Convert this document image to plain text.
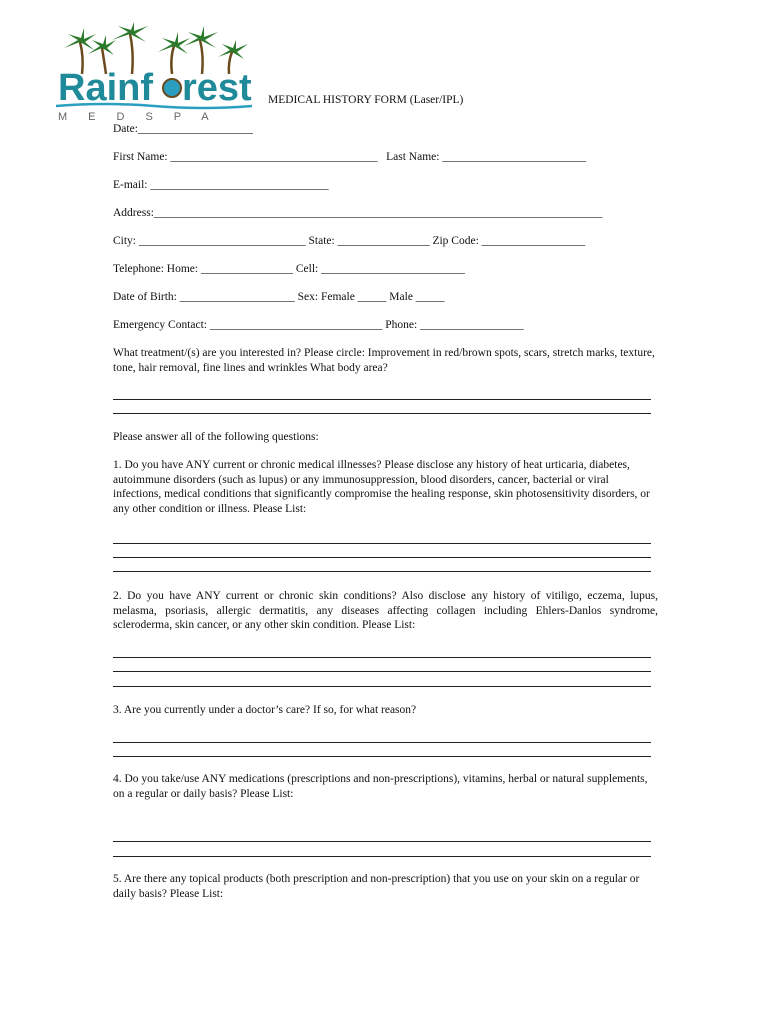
Rainf rest
MEDSPA
MEDICAL HISTORY FORM (Laser/IPL)
Date:____________________
First Name: ____________________________________   Last Name: _________________________
E-mail: _______________________________
Address:______________________________________________________________________________
City: _____________________________ State: ________________ Zip Code: __________________
Telephone: Home: ________________ Cell: _________________________
Date of Birth: ____________________ Sex: Female _____ Male _____
Emergency Contact: ______________________________ Phone: __________________
What treatment/(s) are you interested in? Please circle: Improvement in red/brown spots, scars, stretch marks, texture, tone, hair removal, fine lines and wrinkles What body area?
Please answer all of the following questions:
1. Do you have ANY current or chronic medical illnesses? Please disclose any history of heat urticaria, diabetes, autoimmune disorders (such as lupus) or any immunosuppression, blood disorders, cancer, bacterial or viral infections, medical conditions that significantly compromise the healing response, skin photosensitivity disorders, or any other condition or illness. Please List:
2. Do you have ANY current or chronic skin conditions? Also disclose any history of vitiligo, eczema, lupus, melasma, psoriasis, allergic dermatitis, any diseases affecting collagen including Ehlers-Danlos syndrome, scleroderma, skin cancer, or any other skin condition. Please List:
3. Are you currently under a doctor’s care? If so, for what reason?
4. Do you take/use ANY medications (prescriptions and non-prescriptions), vitamins, herbal or natural supplements, on a regular or daily basis? Please List:
5. Are there any topical products (both prescription and non-prescription) that you use on your skin on a regular or daily basis? Please List:
